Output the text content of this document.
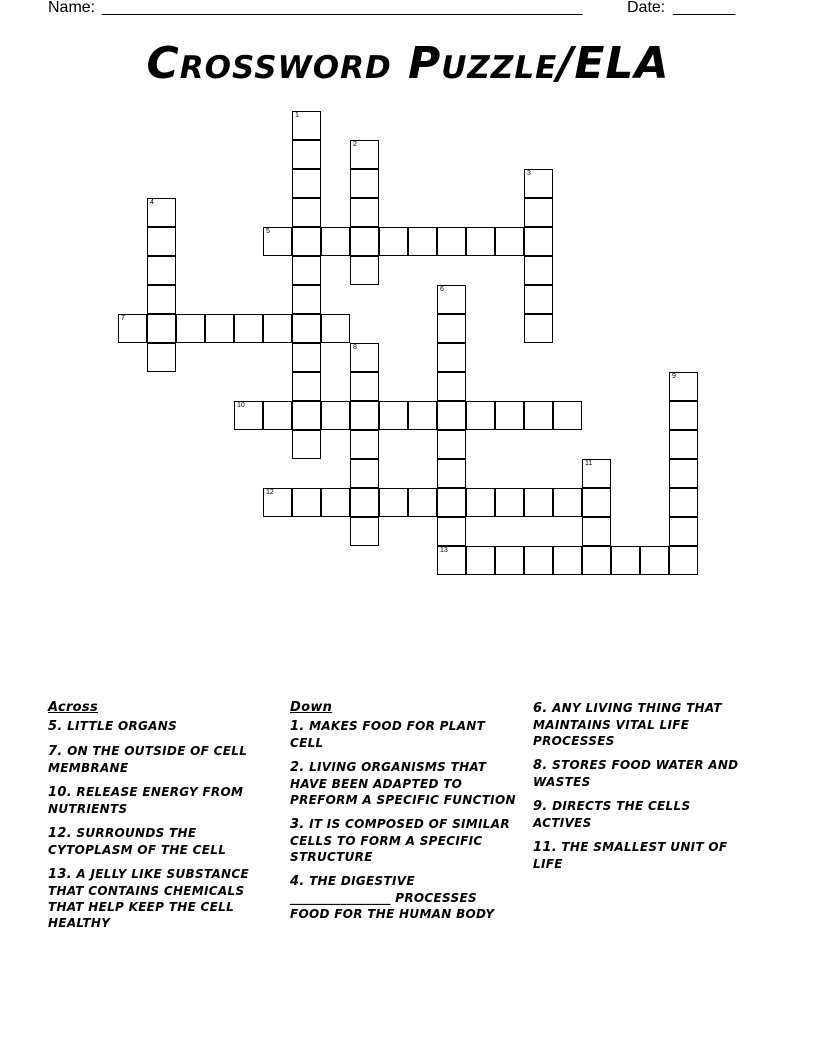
Name: ______________________________________________________	Date: _______
Crossword Puzzle/ELA
1
2
3
4
5
6
13
7
8
9
10
11
12
Across
5. LITTLE ORGANS
7. ON THE OUTSIDE OF CELL MEMBRANE
10. RELEASE ENERGY FROM NUTRIENTS
12. SURROUNDS THE CYTOPLASM OF THE CELL
13. A JELLY LIKE SUBSTANCE THAT CONTAINS CHEMICALS THAT HELP KEEP THE CELL HEALTHY
Down
1. MAKES FOOD FOR PLANT CELL
2. LIVING ORGANISMS THAT HAVE BEEN ADAPTED TO PREFORM A SPECIFIC FUNCTION
3. IT IS COMPOSED OF SIMILAR CELLS TO FORM A SPECIFIC STRUCTURE
4. THE DIGESTIVE ________________ PROCESSES FOOD FOR THE HUMAN BODY
6. ANY LIVING THING THAT MAINTAINS VITAL LIFE PROCESSES
8. STORES FOOD WATER AND WASTES
9. DIRECTS THE CELLS ACTIVES
11. THE SMALLEST UNIT OF LIFE
